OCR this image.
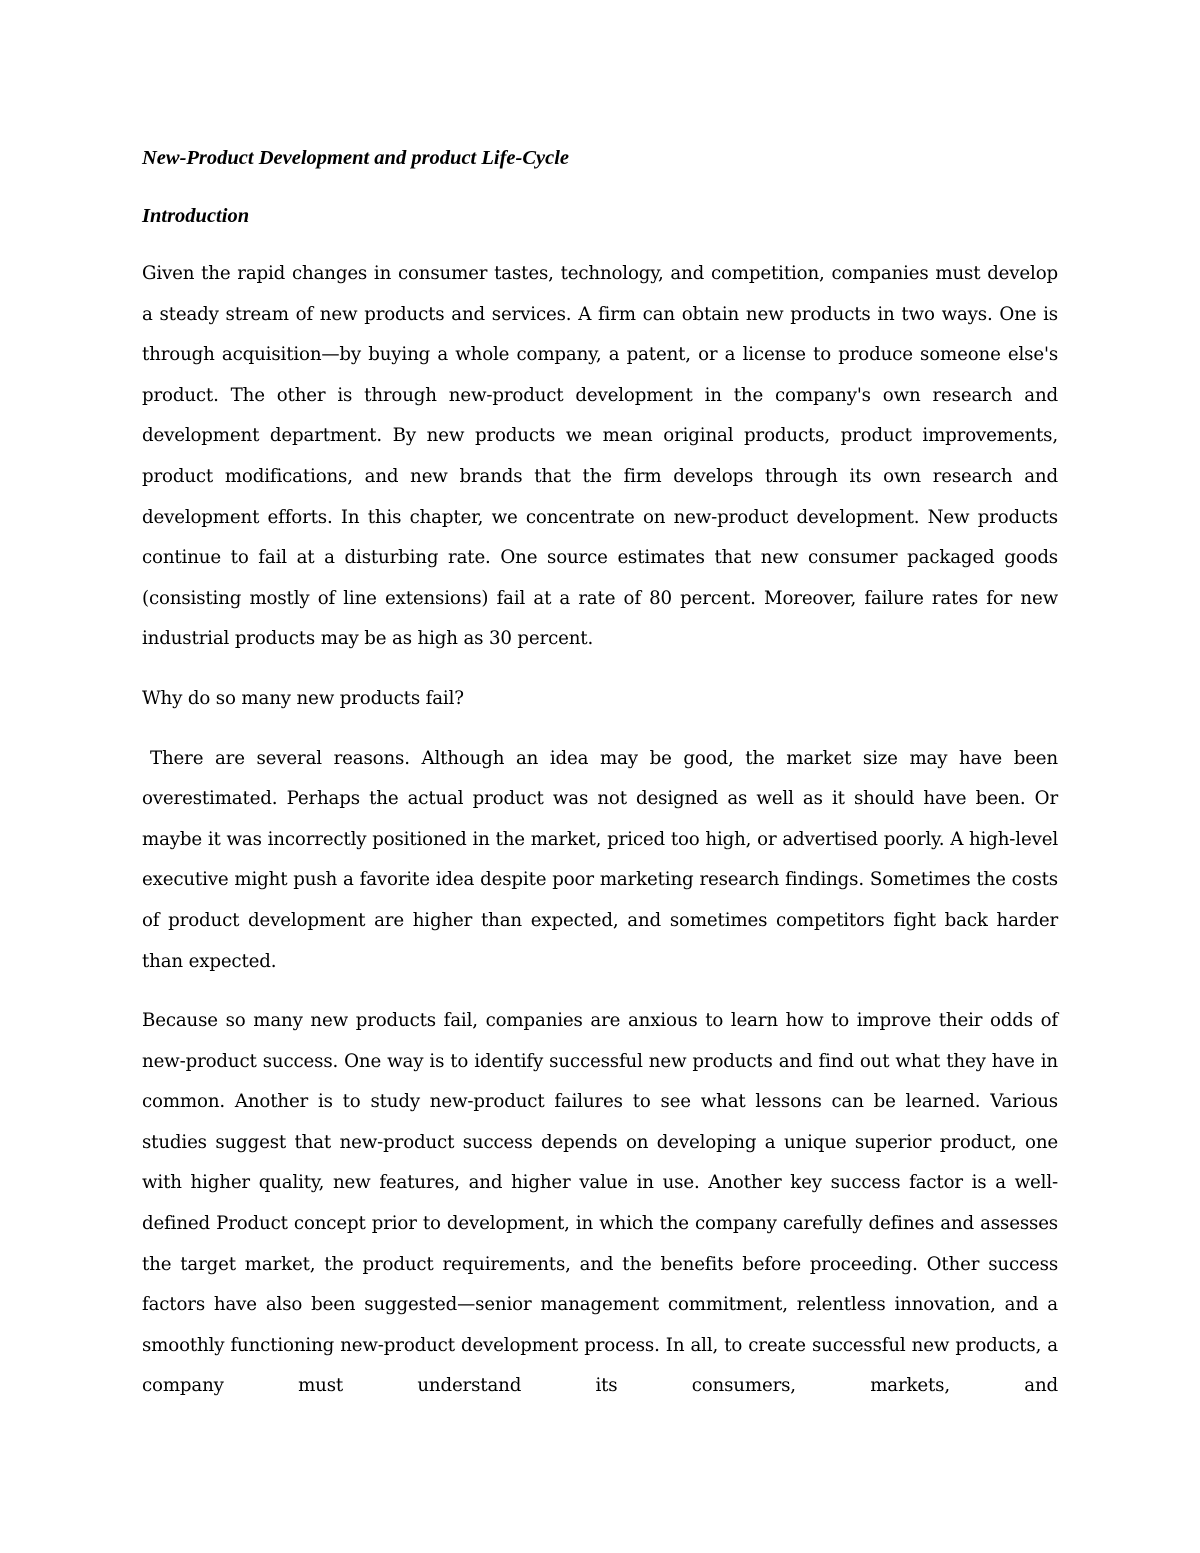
New-Product Development and product Life-Cycle
Introduction

Given the rapid changes in consumer tastes, technology, and competition, companies must develop a steady stream of new products and services. A firm can obtain new products in two ways. One is through acquisition—by buying a whole company, a patent, or a license to produce someone else's product. The other is through new-product development in the company's own research and development department. By new products we mean original products, product improvements, product modifications, and new brands that the firm develops through its own research and development efforts. In this chapter, we concentrate on new-product development. New products continue to fail at a disturbing rate. One source estimates that new consumer packaged goods (consisting mostly of line extensions) fail at a rate of 80 percent. Moreover, failure rates for new industrial products may be as high as 30 percent.

Why do so many new products fail?

There are several reasons. Although an idea may be good, the market size may have been overestimated. Perhaps the actual product was not designed as well as it should have been. Or maybe it was incorrectly positioned in the market, priced too high, or advertised poorly. A high-level executive might push a favorite idea despite poor marketing research findings. Sometimes the costs of product development are higher than expected, and sometimes competitors fight back harder than expected.

Because so many new products fail, companies are anxious to learn how to improve their odds of new-product success. One way is to identify successful new products and find out what they have in common. Another is to study new-product failures to see what lessons can be learned. Various studies suggest that new-product success depends on developing a unique superior product, one with higher quality, new features, and higher value in use. Another key success factor is a well-defined Product concept prior to development, in which the company carefully defines and assesses the target market, the product requirements, and the benefits before proceeding. Other success factors have also been suggested—senior management commitment, relentless innovation, and a smoothly functioning new-product development process. In all, to create successful new products, a company must understand its consumers, markets, and
